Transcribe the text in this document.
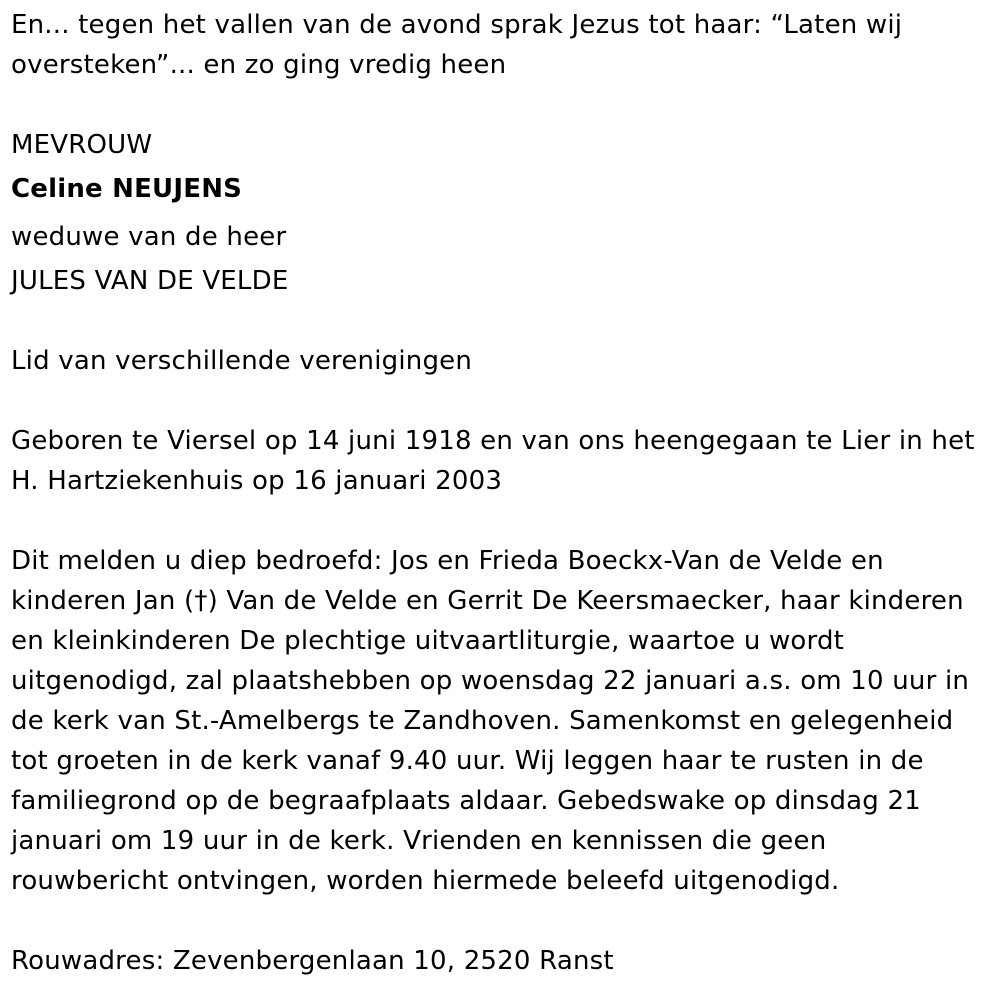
En... tegen het vallen van de avond sprak Jezus tot haar: “Laten wij
oversteken”... en zo ging vredig heen
MEVROUW
Celine NEUJENS
weduwe van de heer
JULES VAN DE VELDE
Lid van verschillende verenigingen
Geboren te Viersel op 14 juni 1918 en van ons heengegaan te Lier in het
H. Hartziekenhuis op 16 januari 2003
Dit melden u diep bedroefd: Jos en Frieda Boeckx-Van de Velde en
kinderen Jan (†) Van de Velde en Gerrit De Keersmaecker, haar kinderen
en kleinkinderen De plechtige uitvaartliturgie, waartoe u wordt
uitgenodigd, zal plaatshebben op woensdag 22 januari a.s. om 10 uur in
de kerk van St.-Amelbergs te Zandhoven. Samenkomst en gelegenheid
tot groeten in de kerk vanaf 9.40 uur. Wij leggen haar te rusten in de
familiegrond op de begraafplaats aldaar. Gebedswake op dinsdag 21
januari om 19 uur in de kerk. Vrienden en kennissen die geen
rouwbericht ontvingen, worden hiermede beleefd uitgenodigd.
Rouwadres: Zevenbergenlaan 10, 2520 Ranst
